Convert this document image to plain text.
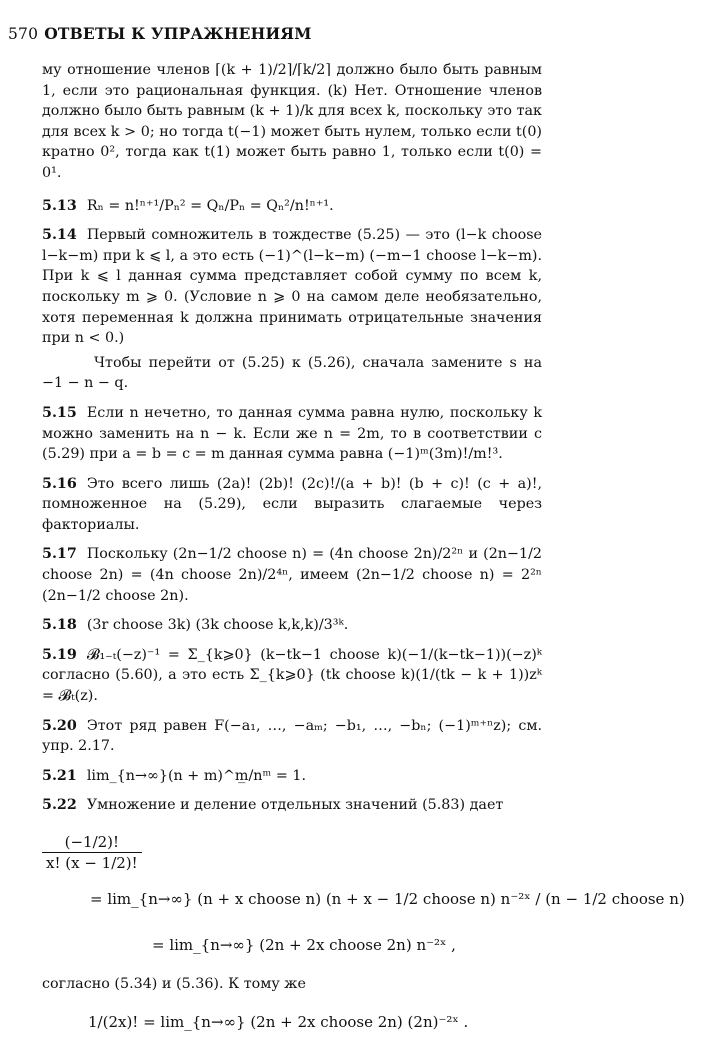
570 ОТВЕТЫ К УПРАЖНЕНИЯМ

му отношение членов ⌈(k + 1)/2⌉/⌈k/2⌉ должно было быть равным 1, если это рациональная функция. (k) Нет. Отношение членов должно было быть равным (k + 1)/k для всех k, поскольку это так для всех k > 0; но тогда t(−1) может быть нулем, только если t(0) кратно 0², тогда как t(1) может быть равно 1, только если t(0) = 0¹.

5.13 Rₙ = n!ⁿ⁺¹/Pₙ² = Qₙ/Pₙ = Qₙ²/n!ⁿ⁺¹.

5.14 Первый сомножитель в тождестве (5.25) — это (l−k choose l−k−m) при k ⩽ l, а это есть (−1)^(l−k−m) (−m−1 choose l−k−m). При k ⩽ l данная сумма представляет собой сумму по всем k, поскольку m ⩾ 0. (Условие n ⩾ 0 на самом деле необязательно, хотя переменная k должна принимать отрицательные значения при n < 0.)

Чтобы перейти от (5.25) к (5.26), сначала замените s на −1 − n − q.

5.15 Если n нечетно, то данная сумма равна нулю, поскольку k можно заменить на n − k. Если же n = 2m, то в соответствии с (5.29) при a = b = c = m данная сумма равна (−1)ᵐ(3m)!/m!³.

5.16 Это всего лишь (2a)! (2b)! (2c)!/(a + b)! (b + c)! (c + a)!, помноженное на (5.29), если выразить слагаемые через факториалы.

5.17 Поскольку (2n−1/2 choose n) = (4n choose 2n)/2²ⁿ и (2n−1/2 choose 2n) = (4n choose 2n)/2⁴ⁿ, имеем (2n−1/2 choose n) = 2²ⁿ (2n−1/2 choose 2n).

5.18 (3r choose 3k) (3k choose k,k,k)/3³ᵏ.

5.19 𝓑₁₋ₜ(−z)⁻¹ = Σ_{k⩾0} (k−tk−1 choose k)(−1/(k−tk−1))(−z)ᵏ согласно (5.60), а это есть Σ_{k⩾0} (tk choose k)(1/(tk − k + 1))zᵏ = 𝓑ₜ(z).

5.20 Этот ряд равен F(−a₁, …, −aₘ; −b₁, …, −bₙ; (−1)ᵐ⁺ⁿz); см. упр. 2.17.

5.21 lim_{n→∞}(n + m)^m̲/nᵐ = 1.

5.22 Умножение и деление отдельных значений (5.83) дает

$\frac{(-1/2)!}{x! (x - 1/2)!}$
= lim_{n→∞} (n + x choose n) (n + x − 1/2 choose n) n⁻²ˣ / (n − 1/2 choose n)
= lim_{n→∞} (2n + 2x choose 2n) n⁻²ˣ ,

согласно (5.34) и (5.36). К тому же

1/(2x)! = lim_{n→∞} (2n + 2x choose 2n) (2n)⁻²ˣ .
